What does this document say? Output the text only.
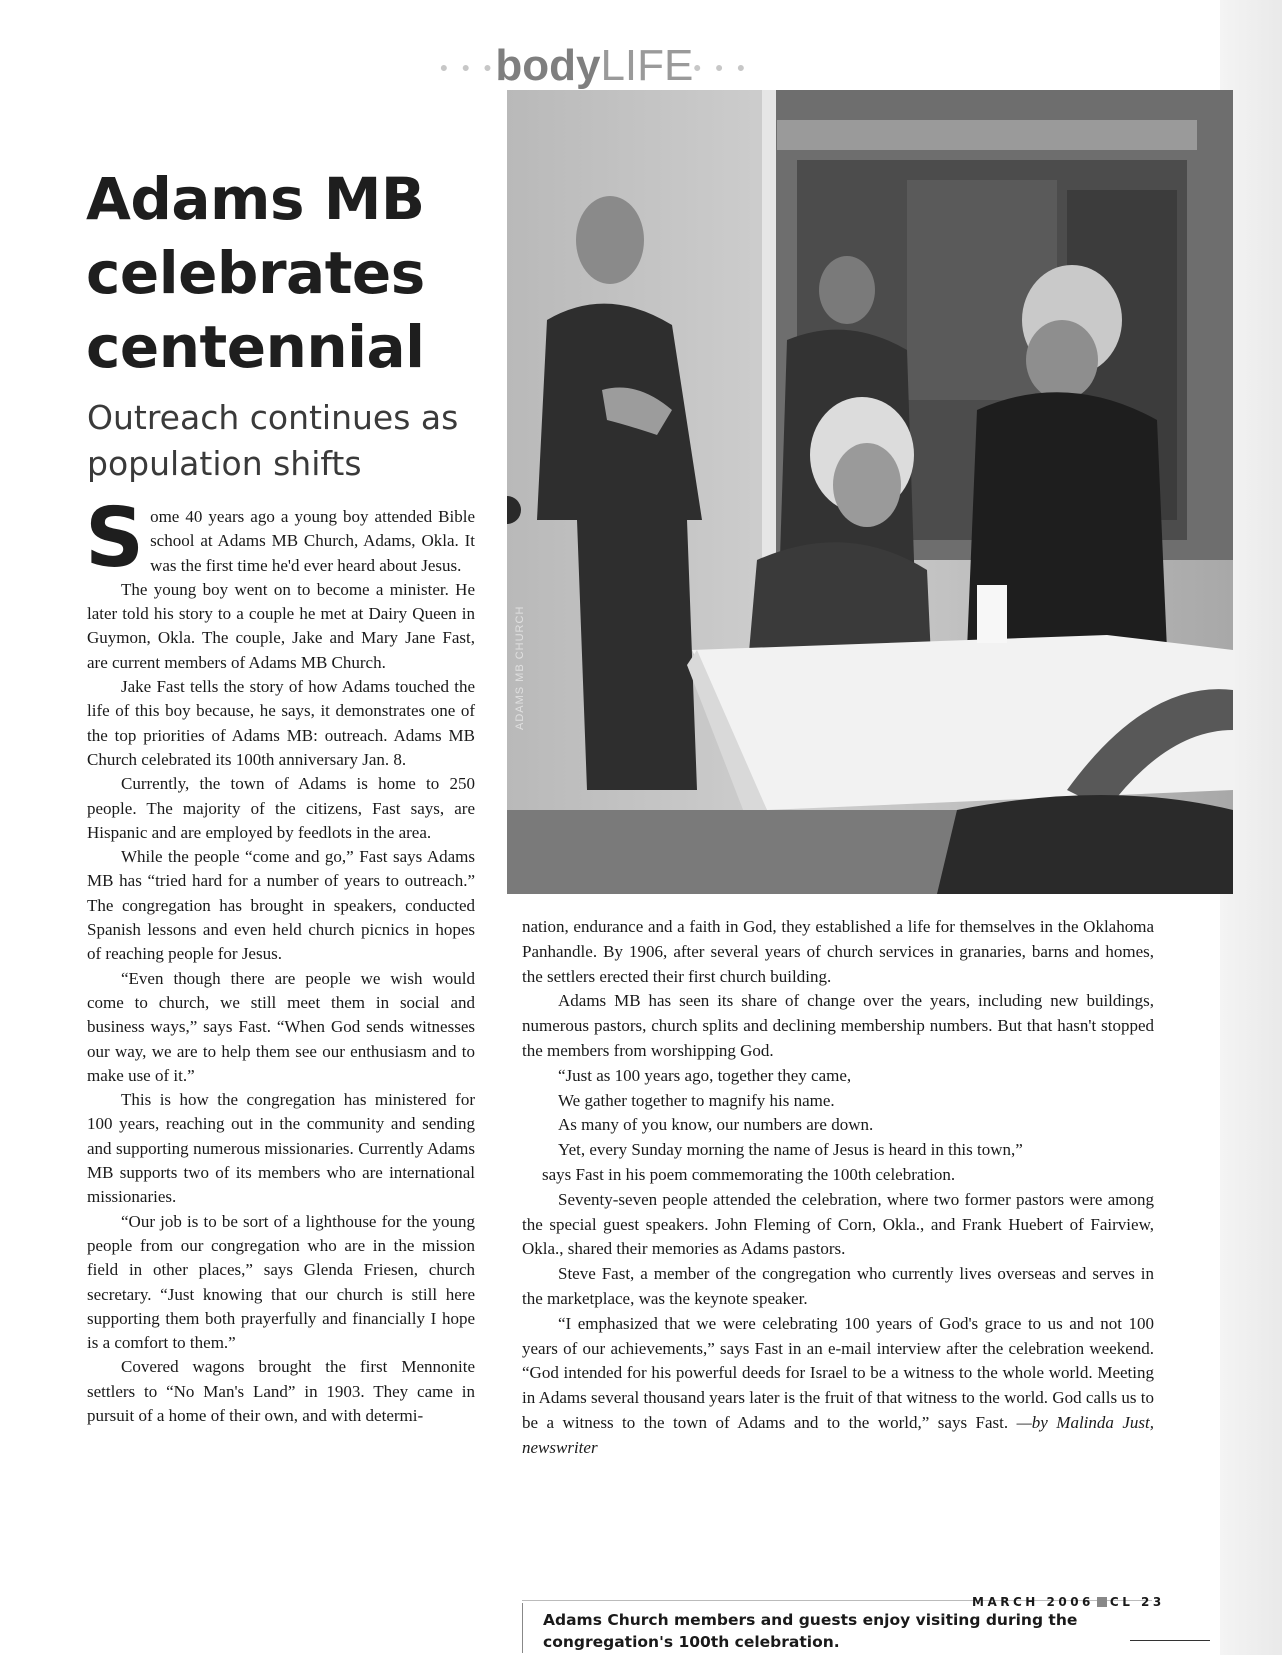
• • •bodyLIFE• • •
Adams MB celebrates centennial
Outreach continues as population shifts

Some 40 years ago a young boy attended Bible school at Adams MB Church, Adams, Okla. It was the first time he'd ever heard about Jesus.

The young boy went on to become a minister. He later told his story to a couple he met at Dairy Queen in Guymon, Okla. The couple, Jake and Mary Jane Fast, are current members of Adams MB Church.

Jake Fast tells the story of how Adams touched the life of this boy because, he says, it demonstrates one of the top priorities of Adams MB: outreach. Adams MB Church celebrated its 100th anniversary Jan. 8.

Currently, the town of Adams is home to 250 people. The majority of the citizens, Fast says, are Hispanic and are employed by feedlots in the area.

While the people “come and go,” Fast says Adams MB has “tried hard for a number of years to outreach.” The congregation has brought in speakers, conducted Spanish lessons and even held church picnics in hopes of reaching people for Jesus.

“Even though there are people we wish would come to church, we still meet them in social and business ways,” says Fast. “When God sends witnesses our way, we are to help them see our enthusiasm and to make use of it.”

This is how the congregation has ministered for 100 years, reaching out in the community and sending and supporting numerous missionaries. Currently Adams MB supports two of its members who are international missionaries.

“Our job is to be sort of a lighthouse for the young people from our congregation who are in the mission field in other places,” says Glenda Friesen, church secretary. “Just knowing that our church is still here supporting them both prayerfully and financially I hope is a comfort to them.”

Covered wagons brought the first Mennonite settlers to “No Man's Land” in 1903. They came in pursuit of a home of their own, and with determi-

ADAMS MB CHURCH

nation, endurance and a faith in God, they established a life for themselves in the Oklahoma Panhandle. By 1906, after several years of church services in granaries, barns and homes, the settlers erected their first church building.

Adams MB has seen its share of change over the years, including new buildings, numerous pastors, church splits and declining membership numbers. But that hasn't stopped the members from worshipping God.

“Just as 100 years ago, together they came,
We gather together to magnify his name.
As many of you know, our numbers are down.
Yet, every Sunday morning the name of Jesus is heard in this town,”
says Fast in his poem commemorating the 100th celebration.

Seventy-seven people attended the celebration, where two former pastors were among the special guest speakers. John Fleming of Corn, Okla., and Frank Huebert of Fairview, Okla., shared their memories as Adams pastors.

Steve Fast, a member of the congregation who currently lives overseas and serves in the marketplace, was the keynote speaker.

“I emphasized that we were celebrating 100 years of God's grace to us and not 100 years of our achievements,” says Fast in an e-mail interview after the celebration weekend. “God intended for his powerful deeds for Israel to be a witness to the whole world. Meeting in Adams several thousand years later is the fruit of that witness to the world. God calls us to be a witness to the town of Adams and to the world,” says Fast. —by Malinda Just, newswriter

Adams Church members and guests enjoy visiting during the congregation's 100th celebration.
MARCH 2006 CL 23
